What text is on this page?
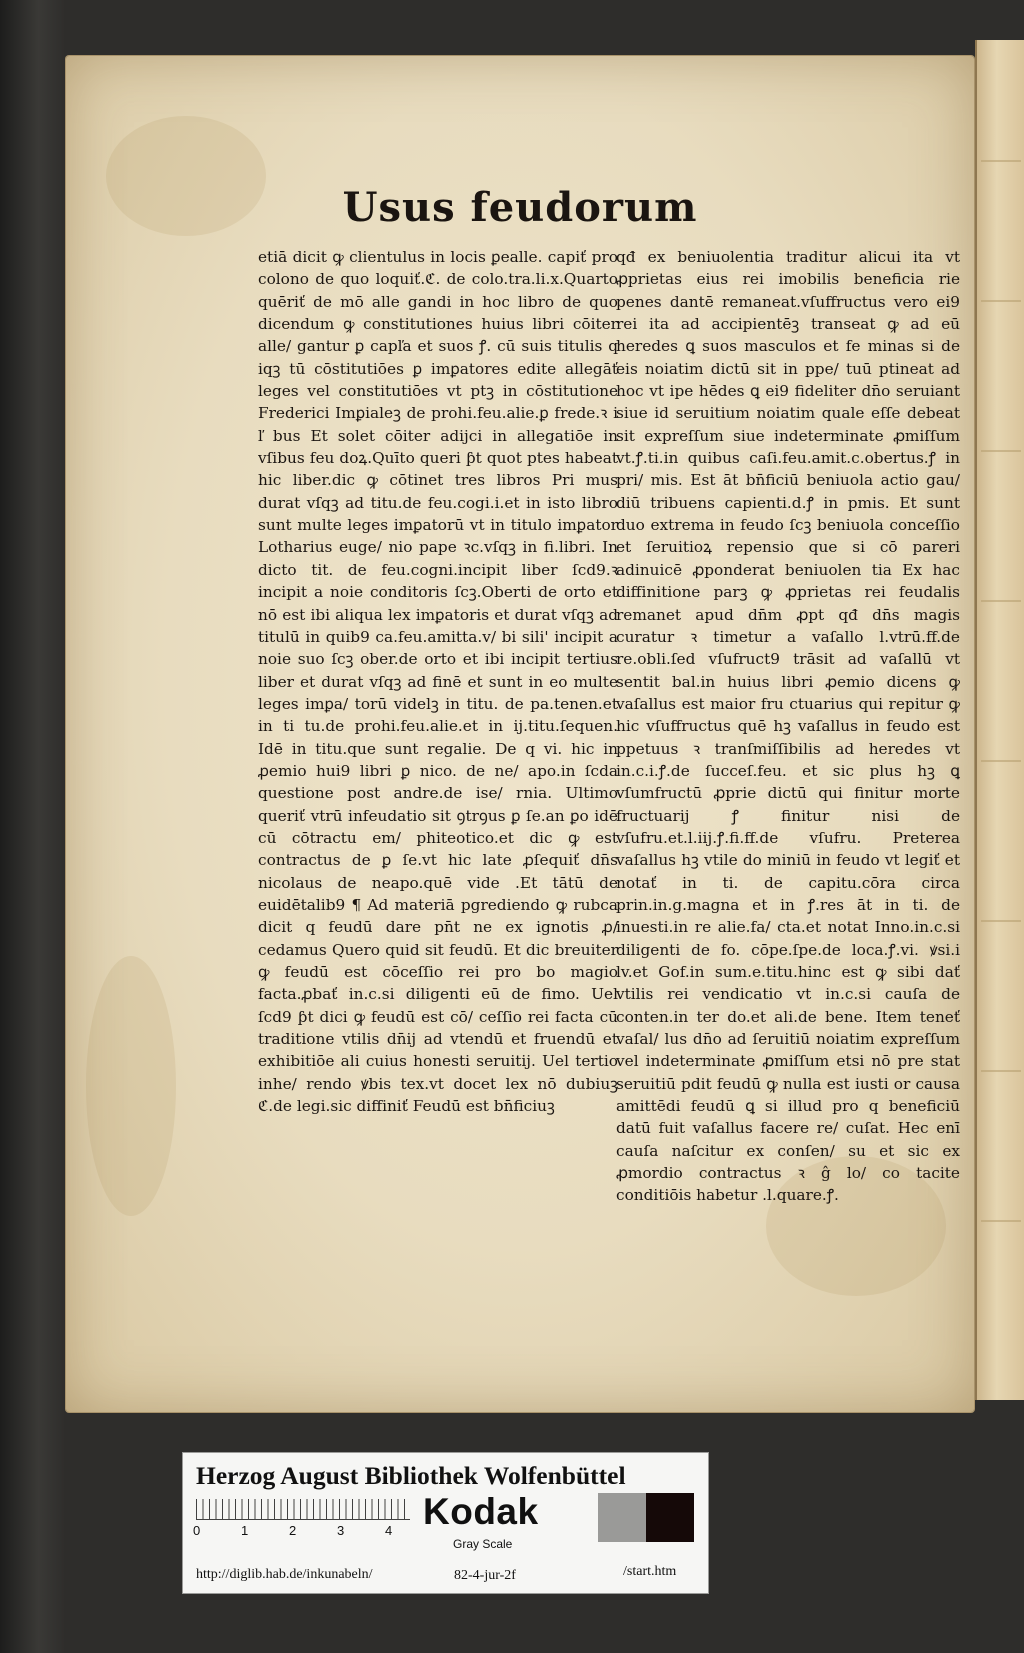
Usus feudorum

etiā dicit ꝙ clientulus in locis ꝑealle. capiť pro colono de quo loquiť.ℭ. de colo.tra.li.x.Quarto quēriť de mō alle gandi in hoc libro de quo dicendum ꝙ constitutiones huius libri cōiter alle/ gantur ꝑ capľa et suos ꝭ. cū suis titulis q iqꝫ tū cōstitutiōes ꝑ imꝑatores edite allegāť leges vel constitutiōes vt ptꝫ in cōstitutione Frederici Imꝑialeꝫ de prohi.feu.alie.ꝑ frede.ꝛ i ľ bus Et solet cōiter adijci in allegatiōe in vſibus feu doꝝ.Quīto queri ƥt quot ptes habeat hic liber.dic ꝙ cōtinet tres libros Pri mus durat vſqꝫ ad titu.de feu.cogi.i.et in isto libro sunt multe leges imꝑatorū vt in titulo imꝑator Lotharius euge/ nio pape ꝛc.vſqꝫ in fi.libri. In dicto tit. de feu.cogni.incipit liber ſcd9.ꝛ incipit a noie conditoris ſcꝫ.Oberti de orto et nō est ibi aliqua lex imꝑatoris et durat vſqꝫ ad titulū in quib9 ca.feu.amitta.v/ bi sili' incipit a noie suo ſcꝫ ober.de orto et ibi incipit tertius liber et durat vſqꝫ ad finē et sunt in eo multe leges imꝑa/ torū videlꝫ in titu. de pa.tenen.et in ti tu.de prohi.feu.alie.et in ij.titu.ſequen. Idē in titu.que sunt regalie. De q vi. hic in ꝓemio hui9 libri ꝑ nico. de ne/ apo.in ſcda questione post andre.de ise/ rnia. Ultimo queriť vtrū infeudatio sit ꝯtrꝯus ꝑ ſe.an ꝑo idē cū cōtractu em/ phiteotico.et dic ꝙ est contractus de ꝑ ſe.vt hic late ꝓſequiť dn̄s nicolaus de neapo.quē vide .Et tātū de euidētalib9 ¶ Ad materiā pgrediendo ꝙ rubca dicit q feudū dare pn̄t ne ex ignotis ꝓ/ cedamus Quero quid sit feudū. Et dic breuiter ꝙ feudū est cōceſſio rei pro bo magio facta.ꝓbať in.c.si diligenti eū de fimo. Uel ſcd9 ƥt dici ꝙ feudū est cō/ ceſſio rei facta cū traditione vtilis dn̄ij ad vtendū et fruendū et exhibitiōe ali cuius honesti seruitij. Uel tertio inhe/ rendo ꝟbis tex.vt docet lex nō dubiuꝫ ℭ.de legi.sic diffiniť Feudū est bn̄ficiuꝫ

qđ ex beniuolentia traditur alicui ita vt ꝓprietas eius rei imobilis beneficia rie penes dantē remaneat.vſuffructus vero ei9 rei ita ad accipientēꝫ transeat ꝙ ad eū heredes ꝗ suos masculos et fe minas si de eis noiatim dictū sit in ppe/ tuū ptineat ad hoc vt ipe hēdes ꝗ ei9 fideliter dn̄o seruiant siue id seruitium noiatim quale eſſe debeat sit expreſſum siue indeterminate ꝓmiſſum vt.ꝭ.ti.in quibus caſi.feu.amit.c.obertus.ꝭ in pri/ mis. Est āt bn̄ficiū beniuola actio gau/ diū tribuens capienti.d.ꝭ in pmis. Et sunt duo extrema in feudo ſcꝫ beniuola conceſſio et ſeruitioꝝ repensio que si cō pareri adinuicē ꝓponderat beniuolen tia Ex hac diffinitione parꝫ ꝙ ꝓprietas rei feudalis remanet apud dn̄m ꝓpt qđ dn̄s magis curatur ꝛ timetur a vaſallo l.vtrū.ff.de re.obli.ſed vſufruct9 trāsit ad vaſallū vt sentit bal.in huius libri ꝓemio dicens ꝙ vaſallus est maior fru ctuarius qui repitur ꝙ hic vſuffructus quē hꝫ vaſallus in feudo est ppetuus ꝛ tranſmiſſibilis ad heredes vt in.c.i.ꝭ.de ſucceſ.feu. et sic plus hꝫ ꝗ vſumfructū ꝓprie dictū qui finitur morte fructuarij ꝭ finitur nisi de vſufru.et.l.iij.ꝭ.fi.ff.de vſufru. Preterea vaſallus hꝫ vtile do miniū in feudo vt legiť et notať in ti. de capitu.cōra circa prin.in.g.magna et in ꝭ.res āt in ti. de inuesti.in re alie.fa/ cta.et notat Inno.in.c.si diligenti de fo. cōpe.ſpe.de loca.ꝭ.vi. ꝟsi.i lv.et Gof.in sum.e.titu.hinc est ꝙ sibi dať vtilis rei vendicatio vt in.c.si cauſa de conten.in ter do.et ali.de bene. Item teneť vaſal/ lus dn̄o ad ſeruitiū noiatim expreſſum vel indeterminate ꝓmiſſum etsi nō pre stat seruitiū pdit feudū ꝙ nulla est iusti or causa amittēdi feudū ꝗ si illud pro q beneficiū datū fuit vaſallus facere re/ cuſat. Hec enī cauſa naſcitur ex conſen/ su et sic ex ꝓmordio contractus ꝛ ĝ lo/ co tacite conditiōis habetur .l.quare.ꝭ.

Herzog August Bibliothek Wolfenbüttel
0	1	2	3	4 Kodak
Gray Scale
http://diglib.hab.de/inkunabeln/	82-4-jur-2f	/start.htm
